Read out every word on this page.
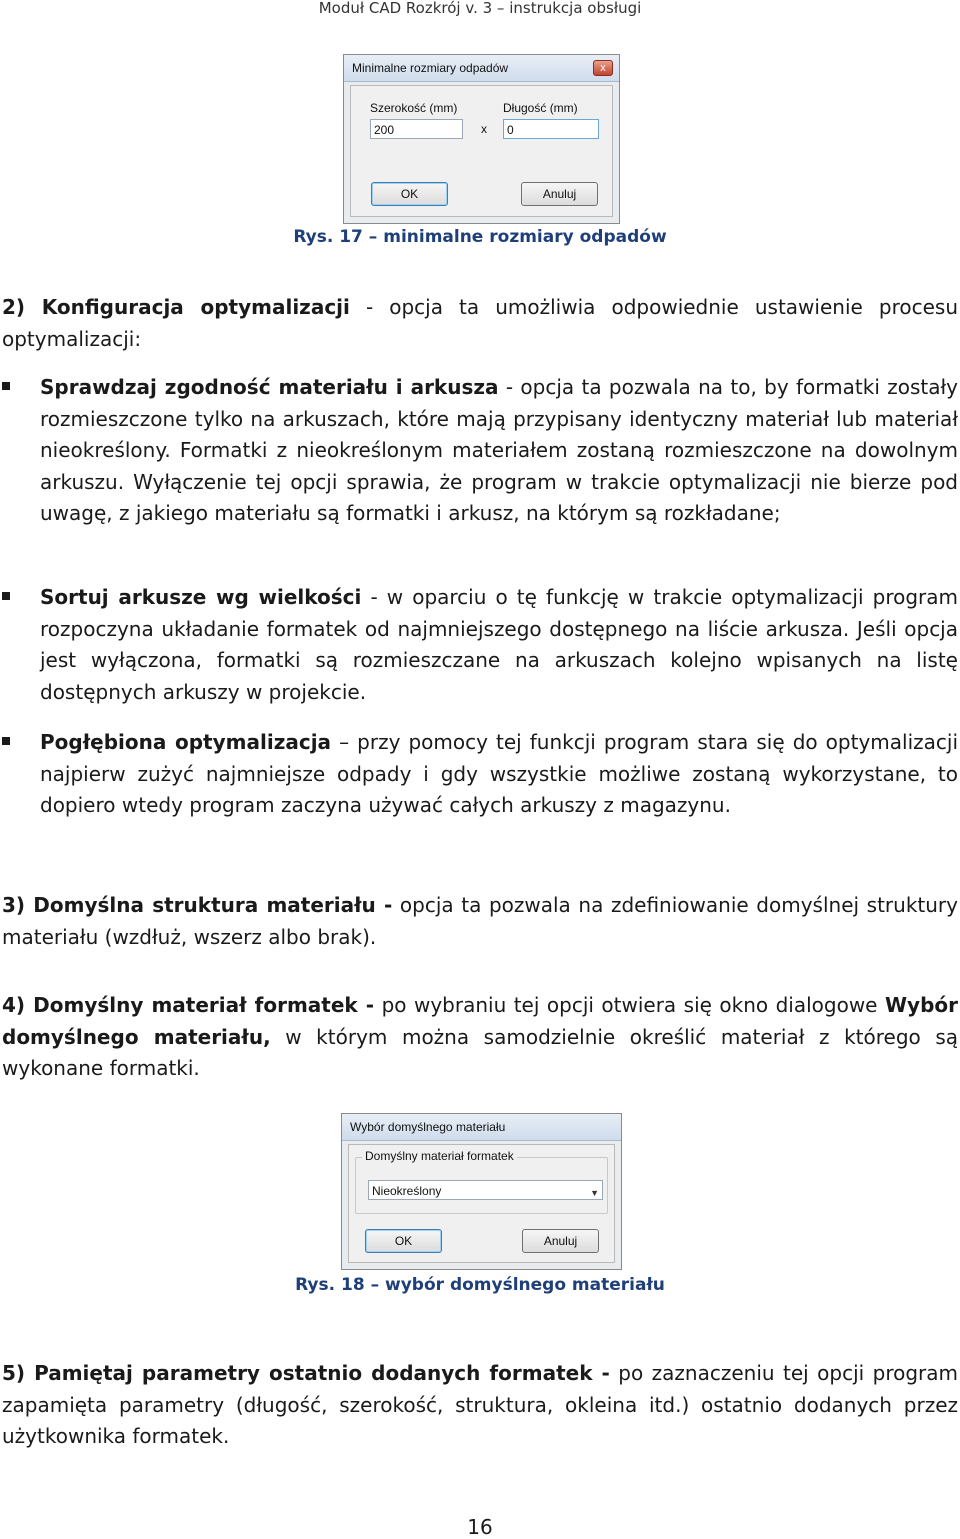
Moduł CAD Rozkrój v. 3 – instrukcja obsługi
Minimalne rozmiary odpadów	x
Szerokość (mm)
200	x
Długość (mm)
0
OK	Anuluj
Rys. 17 – minimalne rozmiary odpadów

2) Konfiguracja optymalizacji - opcja ta umożliwia odpowiednie ustawienie procesu optymalizacji:

Sprawdzaj zgodność materiału i arkusza - opcja ta pozwala na to, by formatki zostały rozmieszczone tylko na arkuszach, które mają przypisany identyczny materiał lub materiał nieokreślony. Formatki z nieokreślonym materiałem zostaną rozmieszczone na dowolnym arkuszu. Wyłączenie tej opcji sprawia, że program w trakcie optymalizacji nie bierze pod uwagę, z jakiego materiału są formatki i arkusz, na którym są rozkładane;

Sortuj arkusze wg wielkości - w oparciu o tę funkcję w trakcie optymalizacji program rozpoczyna układanie formatek od najmniejszego dostępnego na liście arkusza. Jeśli opcja jest wyłączona, formatki są rozmieszczane na arkuszach kolejno wpisanych na listę dostępnych arkuszy w projekcie.

Pogłębiona optymalizacja – przy pomocy tej funkcji program stara się do optymalizacji najpierw zużyć najmniejsze odpady i gdy wszystkie możliwe zostaną wykorzystane, to dopiero wtedy program zaczyna używać całych arkuszy z magazynu.

3) Domyślna struktura materiału - opcja ta pozwala na zdefiniowanie domyślnej struktury materiału (wzdłuż, wszerz albo brak).

4) Domyślny materiał formatek - po wybraniu tej opcji otwiera się okno dialogowe Wybór domyślnego materiału, w którym można samodzielnie określić materiał z którego są wykonane formatki.

Wybór domyślnego materiału
Domyślny materiał formatek
Nieokreślony	▼
OK	Anuluj
Rys. 18 – wybór domyślnego materiału

5) Pamiętaj parametry ostatnio dodanych formatek - po zaznaczeniu tej opcji program zapamięta parametry (długość, szerokość, struktura, okleina itd.) ostatnio dodanych przez użytkownika formatek.

16
